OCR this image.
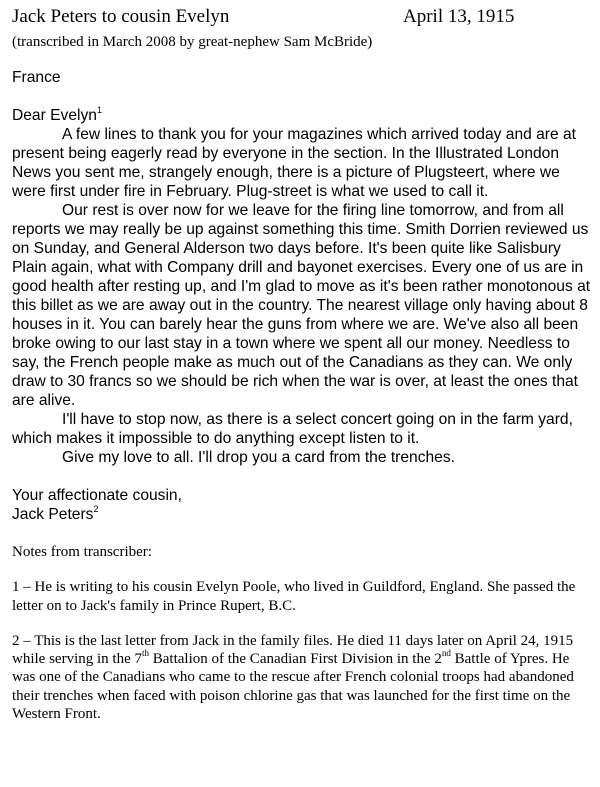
Jack Peters to cousin Evelyn	April 13, 1915
(transcribed in March 2008 by great-nephew Sam McBride)

France

Dear Evelyn$^1$

A few lines to thank you for your magazines which arrived today and are at present being eagerly read by everyone in the section. In the Illustrated London News you sent me, strangely enough, there is a picture of Plugsteert, where we were first under fire in February. Plug-street is what we used to call it.

Our rest is over now for we leave for the firing line tomorrow, and from all reports we may really be up against something this time. Smith Dorrien reviewed us on Sunday, and General Alderson two days before. It's been quite like Salisbury Plain again, what with Company drill and bayonet exercises. Every one of us are in good health after resting up, and I'm glad to move as it's been rather monotonous at this billet as we are away out in the country. The nearest village only having about 8 houses in it. You can barely hear the guns from where we are. We've also all been broke owing to our last stay in a town where we spent all our money. Needless to say, the French people make as much out of the Canadians as they can. We only draw to 30 francs so we should be rich when the war is over, at least the ones that are alive.

I'll have to stop now, as there is a select concert going on in the farm yard, which makes it impossible to do anything except listen to it.

Give my love to all. I'll drop you a card from the trenches.

Your affectionate cousin,

Jack Peters$^2$

Notes from transcriber:

1 – He is writing to his cousin Evelyn Poole, who lived in Guildford, England. She passed the letter on to Jack's family in Prince Rupert, B.C.

2 – This is the last letter from Jack in the family files. He died 11 days later on April 24, 1915 while serving in the 7th Battalion of the Canadian First Division in the 2nd Battle of Ypres. He was one of the Canadians who came to the rescue after French colonial troops had abandoned their trenches when faced with poison chlorine gas that was launched for the first time on the Western Front.
